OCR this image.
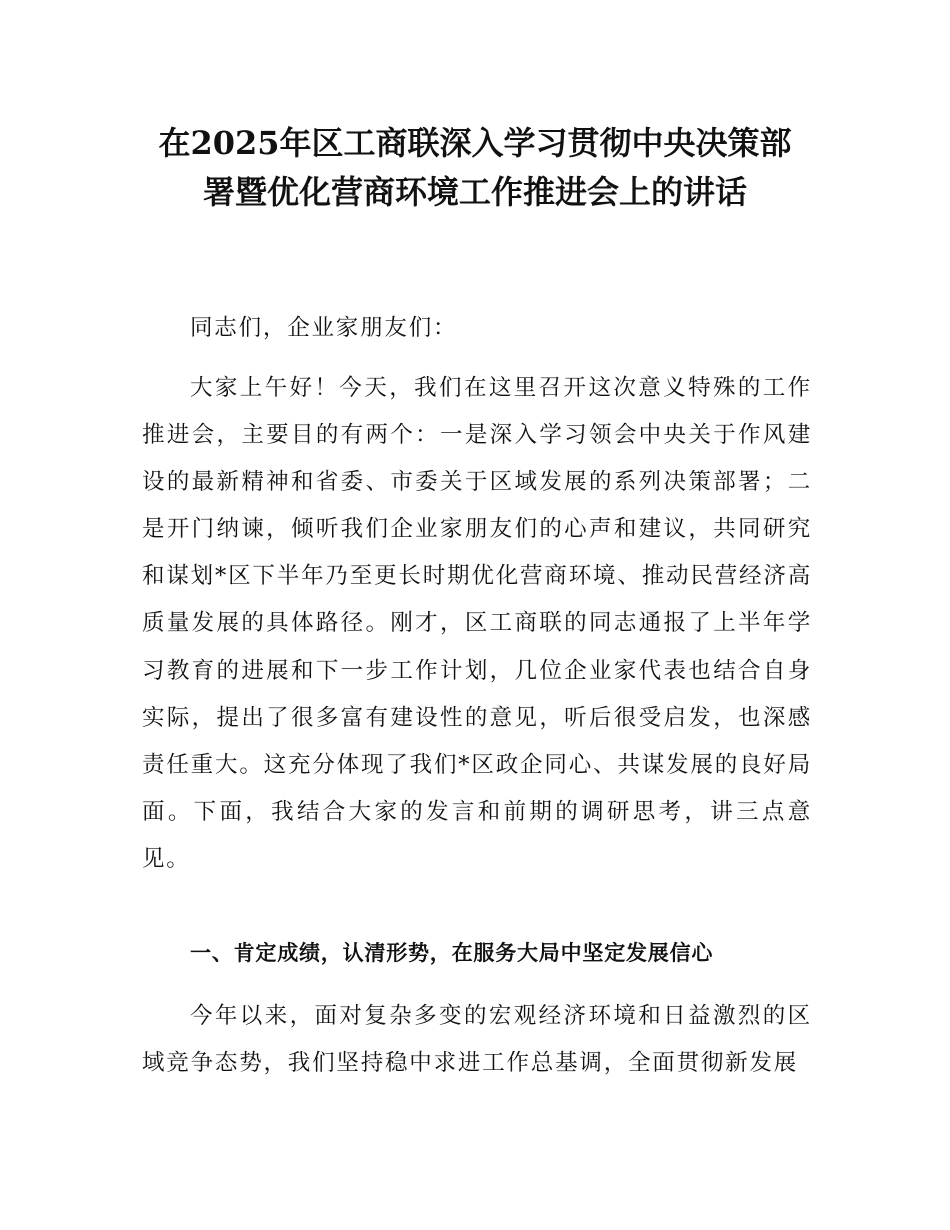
在2025年区工商联深入学习贯彻中央决策部
署暨优化营商环境工作推进会上的讲话
同志们，企业家朋友们：
大家上午好！今天，我们在这里召开这次意义特殊的工作推进会，主要目的有两个：一是深入学习领会中央关于作风建设的最新精神和省委、市委关于区域发展的系列决策部署；二是开门纳谏，倾听我们企业家朋友们的心声和建议，共同研究和谋划*区下半年乃至更长时期优化营商环境、推动民营经济高质量发展的具体路径。刚才，区工商联的同志通报了上半年学习教育的进展和下一步工作计划，几位企业家代表也结合自身实际，提出了很多富有建设性的意见，听后很受启发，也深感责任重大。这充分体现了我们*区政企同心、共谋发展的良好局面。下面，我结合大家的发言和前期的调研思考，讲三点意见。
一、肯定成绩，认清形势，在服务大局中坚定发展信心
今年以来，面对复杂多变的宏观经济环境和日益激烈的区域竞争态势，我们坚持稳中求进工作总基调，全面贯彻新发展
